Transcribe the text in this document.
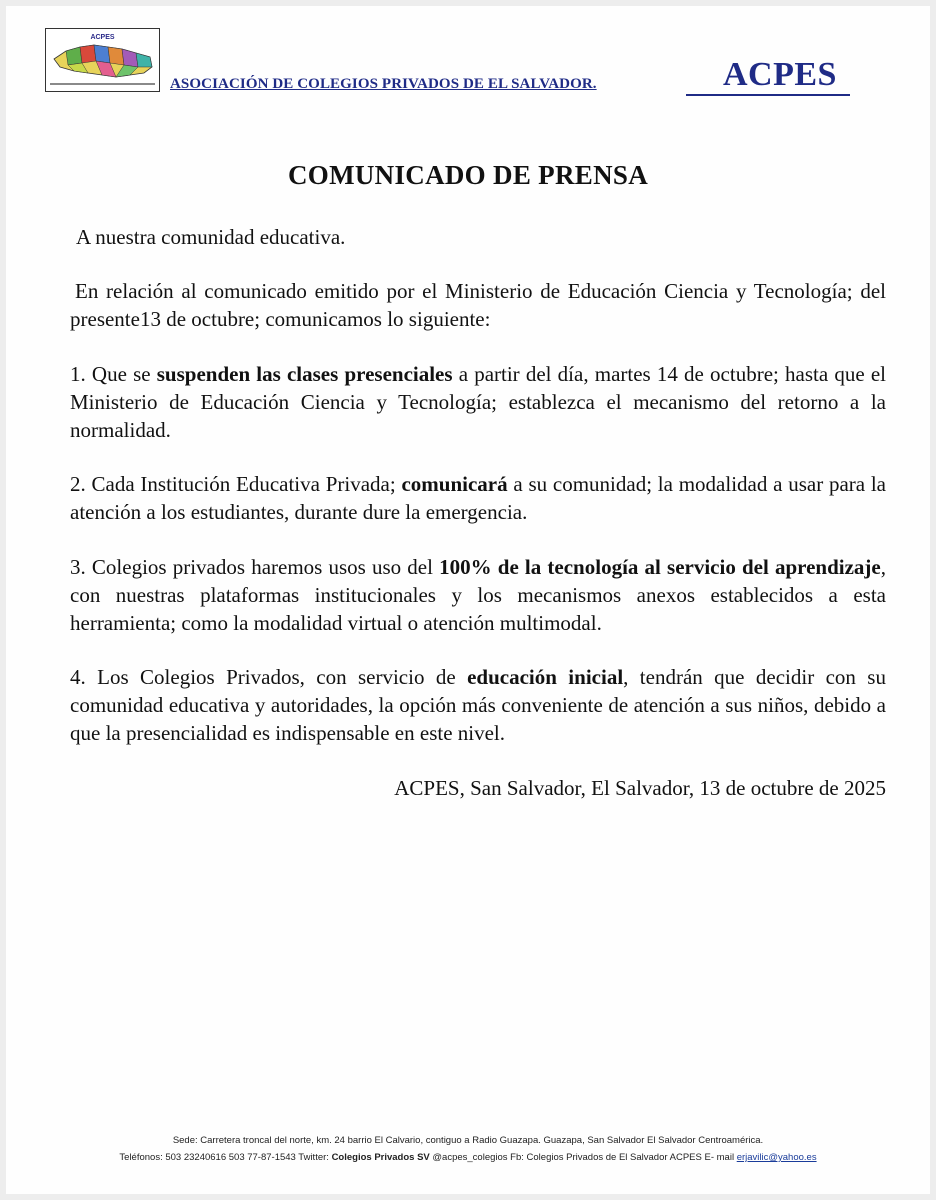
ACPES
ASOCIACIÓN DE COLEGIOS PRIVADOS DE EL SALVADOR.	ACPES
COMUNICADO DE PRENSA

A nuestra comunidad educativa.

En relación al comunicado emitido por el Ministerio de Educación Ciencia y Tecnología; del presente13 de octubre; comunicamos lo siguiente:

1. Que se suspenden las clases presenciales a partir del día, martes 14 de octubre; hasta que el Ministerio de Educación Ciencia y Tecnología; establezca el mecanismo del retorno a la normalidad.

2. Cada Institución Educativa Privada; comunicará a su comunidad; la modalidad a usar para la atención a los estudiantes, durante dure la emergencia.

3. Colegios privados haremos usos uso del 100% de la tecnología al servicio del aprendizaje, con nuestras plataformas institucionales y los mecanismos anexos establecidos a esta herramienta; como la modalidad virtual o atención multimodal.

4. Los Colegios Privados, con servicio de educación inicial, tendrán que decidir con su comunidad educativa y autoridades, la opción más conveniente de atención a sus niños, debido a que la presencialidad es indispensable en este nivel.

ACPES, San Salvador, El Salvador, 13 de octubre de 2025
Sede: Carretera troncal del norte, km. 24 barrio El Calvario, contiguo a Radio Guazapa. Guazapa, San Salvador El Salvador Centroamérica.
Teléfonos: 503 23240616 503 77-87-1543 Twitter: Colegios Privados SV @acpes_colegios Fb: Colegios Privados de El Salvador ACPES E- mail erjavilic@yahoo.es
